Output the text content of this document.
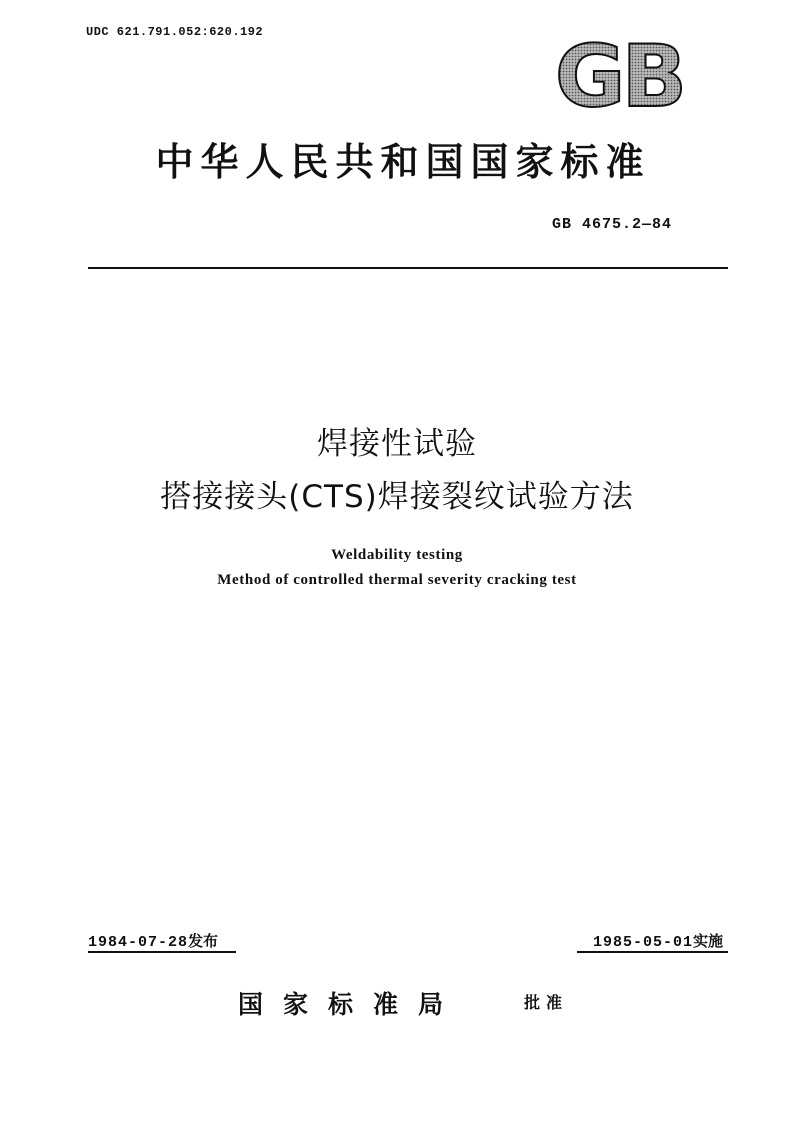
UDC 621.791.052:620.192	GB
中华人民共和国国家标准
GB 4675.2—84
焊接性试验
搭接接头(CTS)焊接裂纹试验方法
Weldability testing
Method of controlled thermal severity cracking test
1984-07-28发布	1985-05-01实施
国家标准局	批准
